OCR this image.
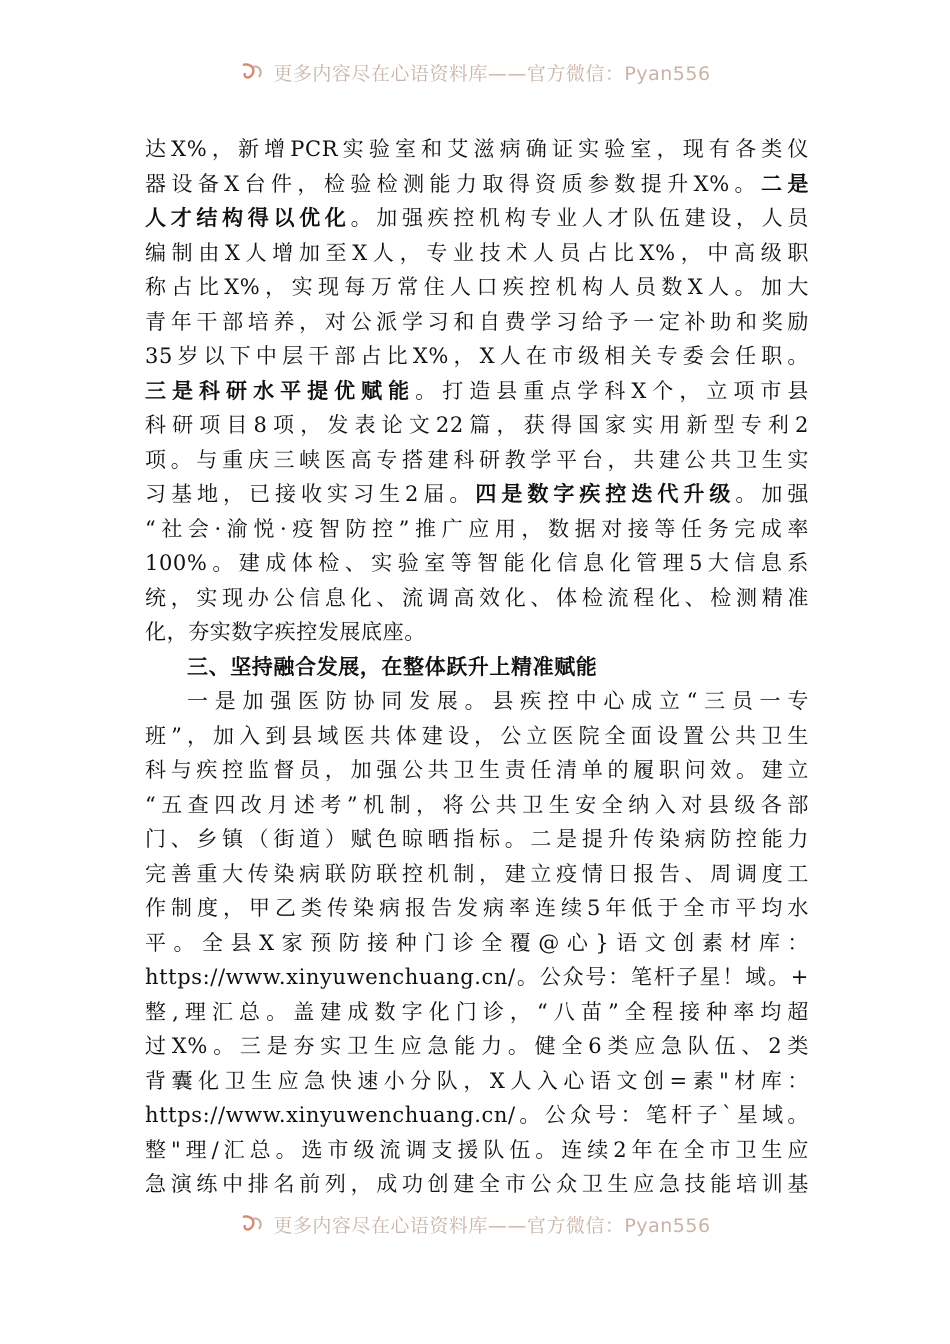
更多内容尽在心语资料库——官方微信：Pyan556
达X%，新增PCR实验室和艾滋病确证实验室，现有各类仪
器设备X台件，检验检测能力取得资质参数提升X%。二是
人才结构得以优化。加强疾控机构专业人才队伍建设，人员
编制由X人增加至X人，专业技术人员占比X%，中高级职
称占比X%，实现每万常住人口疾控机构人员数X人。加大
青年干部培养，对公派学习和自费学习给予一定补助和奖励
35岁以下中层干部占比X%，X人在市级相关专委会任职。
三是科研水平提优赋能。打造县重点学科X个，立项市县
科研项目8项，发表论文22篇，获得国家实用新型专利2
项。与重庆三峡医高专搭建科研教学平台，共建公共卫生实
习基地，已接收实习生2届。四是数字疾控迭代升级。加强
“社会·渝悦·疫智防控”推广应用，数据对接等任务完成率
100%。建成体检、实验室等智能化信息化管理5大信息系
统，实现办公信息化、流调高效化、体检流程化、检测精准
化，夯实数字疾控发展底座。
三、坚持融合发展，在整体跃升上精准赋能
一是加强医防协同发展。县疾控中心成立“三员一专
班”，加入到县域医共体建设，公立医院全面设置公共卫生
科与疾控监督员，加强公共卫生责任清单的履职问效。建立
“五查四改月述考”机制，将公共卫生安全纳入对县级各部
门、乡镇（街道）赋色晾晒指标。二是提升传染病防控能力
完善重大传染病联防联控机制，建立疫情日报告、周调度工
作制度，甲乙类传染病报告发病率连续5年低于全市平均水
平。全县X家预防接种门诊全覆@心}语文创素材库：
https://www.xinyuwenchuang.cn/。公众号：笔杆子星！域。+
整,理汇总。盖建成数字化门诊，“八苗”全程接种率均超
过X%。三是夯实卫生应急能力。健全6类应急队伍、2类
背囊化卫生应急快速小分队，X人入心语文创=素"材库：
https://www.xinyuwenchuang.cn/。公众号：笔杆子`星域。
整"理/汇总。选市级流调支援队伍。连续2年在全市卫生应
急演练中排名前列，成功创建全市公众卫生应急技能培训基
更多内容尽在心语资料库——官方微信：Pyan556
